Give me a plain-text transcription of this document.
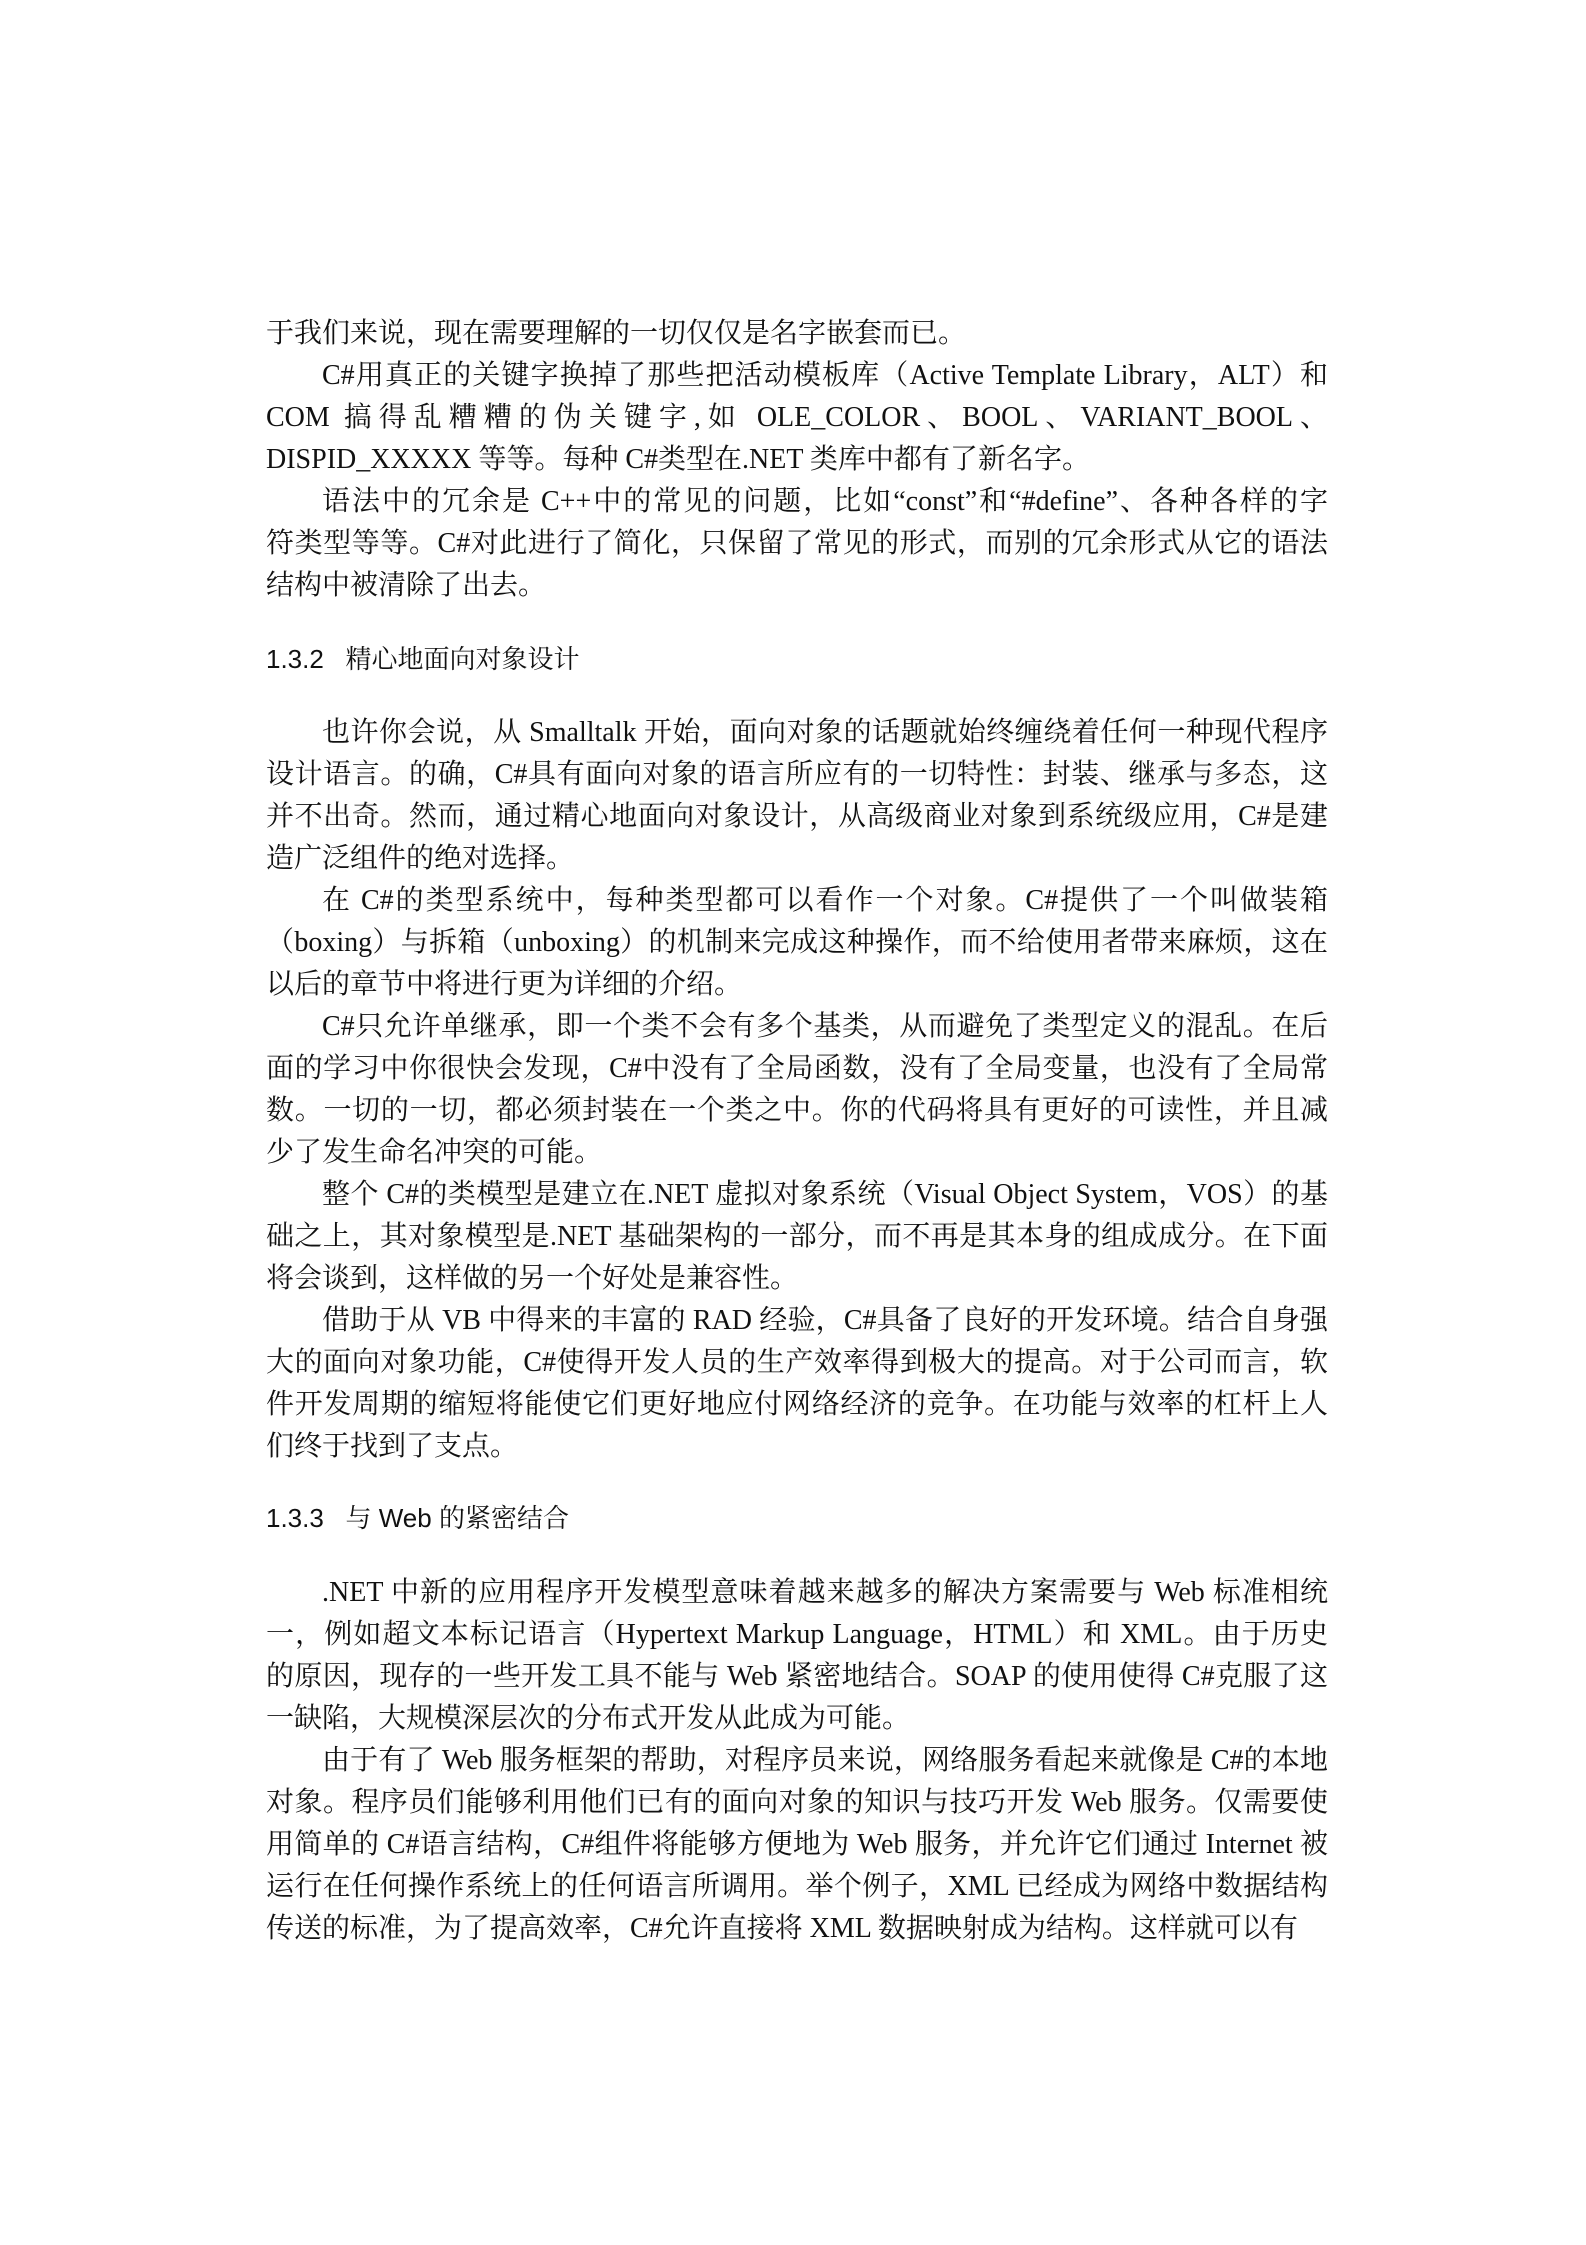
于我们来说，现在需要理解的一切仅仅是名字嵌套而已。
C#用真正的关键字换掉了那些把活动模板库（Active Template Library，ALT）和
COM 搞得乱糟糟的伪关键字,如 OLE_COLOR、BOOL、VARIANT_BOOL、
DISPID_XXXXX 等等。每种 C#类型在.NET 类库中都有了新名字。
语法中的冗余是 C++中的常见的问题，比如“const”和“#define”、各种各样的字
符类型等等。C#对此进行了简化，只保留了常见的形式，而别的冗余形式从它的语法
结构中被清除了出去。
1.3.2 精心地面向对象设计
也许你会说，从 Smalltalk 开始，面向对象的话题就始终缠绕着任何一种现代程序
设计语言。的确，C#具有面向对象的语言所应有的一切特性：封装、继承与多态，这
并不出奇。然而，通过精心地面向对象设计，从高级商业对象到系统级应用，C#是建
造广泛组件的绝对选择。
在 C#的类型系统中，每种类型都可以看作一个对象。C#提供了一个叫做装箱
（boxing）与拆箱（unboxing）的机制来完成这种操作，而不给使用者带来麻烦，这在
以后的章节中将进行更为详细的介绍。
C#只允许单继承，即一个类不会有多个基类，从而避免了类型定义的混乱。在后
面的学习中你很快会发现，C#中没有了全局函数，没有了全局变量，也没有了全局常
数。一切的一切，都必须封装在一个类之中。你的代码将具有更好的可读性，并且减
少了发生命名冲突的可能。
整个 C#的类模型是建立在.NET 虚拟对象系统（Visual Object System，VOS）的基
础之上，其对象模型是.NET 基础架构的一部分，而不再是其本身的组成成分。在下面
将会谈到，这样做的另一个好处是兼容性。
借助于从 VB 中得来的丰富的 RAD 经验，C#具备了良好的开发环境。结合自身强
大的面向对象功能，C#使得开发人员的生产效率得到极大的提高。对于公司而言，软
件开发周期的缩短将能使它们更好地应付网络经济的竞争。在功能与效率的杠杆上人
们终于找到了支点。
1.3.3 与 Web 的紧密结合
.NET 中新的应用程序开发模型意味着越来越多的解决方案需要与 Web 标准相统
一，例如超文本标记语言（Hypertext Markup Language，HTML）和 XML。由于历史
的原因，现存的一些开发工具不能与 Web 紧密地结合。SOAP 的使用使得 C#克服了这
一缺陷，大规模深层次的分布式开发从此成为可能。
由于有了 Web 服务框架的帮助，对程序员来说，网络服务看起来就像是 C#的本地
对象。程序员们能够利用他们已有的面向对象的知识与技巧开发 Web 服务。仅需要使
用简单的 C#语言结构，C#组件将能够方便地为 Web 服务，并允许它们通过 Internet 被
运行在任何操作系统上的任何语言所调用。举个例子，XML 已经成为网络中数据结构
传送的标准，为了提高效率，C#允许直接将 XML 数据映射成为结构。这样就可以有
